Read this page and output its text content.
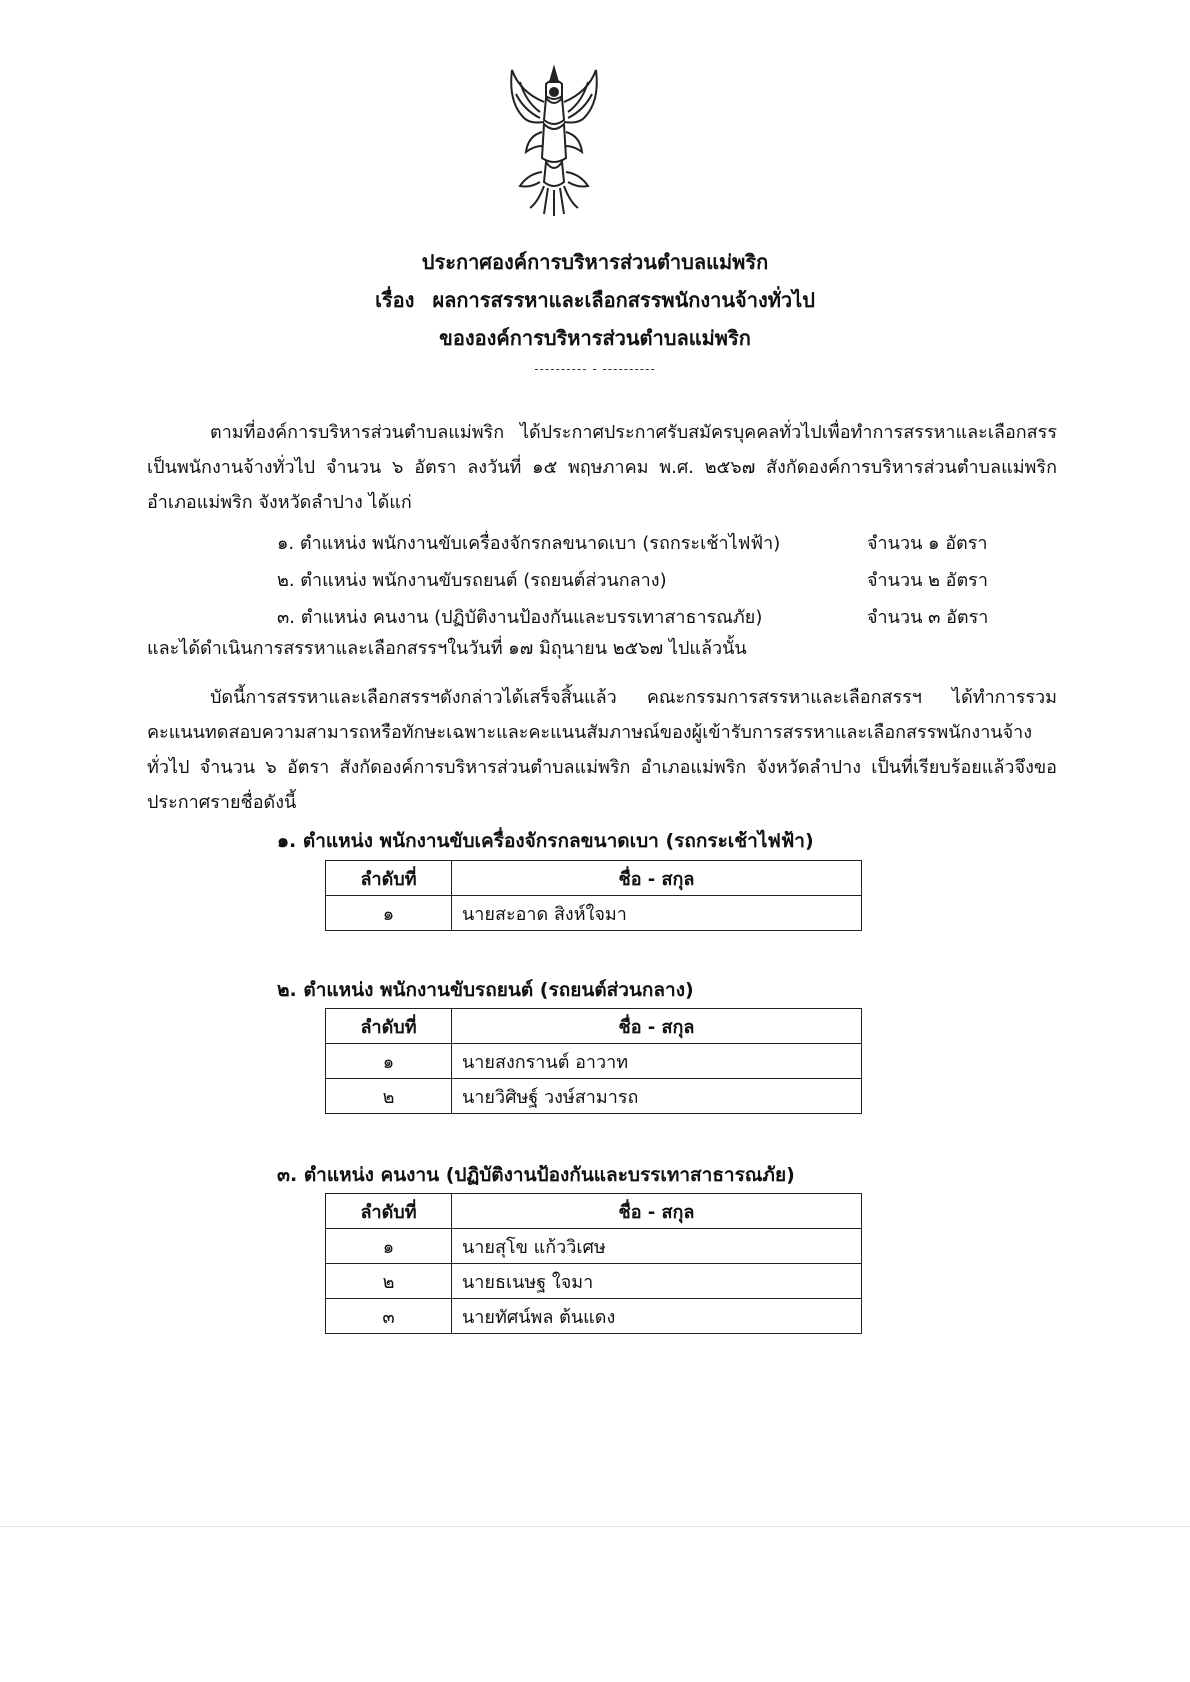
ประกาศองค์การบริหารส่วนตำบลแม่พริก
เรื่อง ผลการสรรหาและเลือกสรรพนักงานจ้างทั่วไป
ขององค์การบริหารส่วนตำบลแม่พริก
---------- - ----------
ตามที่องค์การบริหารส่วนตำบลแม่พริก ได้ประกาศประกาศรับสมัครบุคคลทั่วไปเพื่อทำการสรรหาและเลือกสรรเป็นพนักงานจ้างทั่วไป จำนวน ๖ อัตรา ลงวันที่ ๑๕ พฤษภาคม พ.ศ. ๒๕๖๗ สังกัดองค์การบริหารส่วนตำบลแม่พริก อำเภอแม่พริก จังหวัดลำปาง ได้แก่
๑. ตำแหน่ง พนักงานขับเครื่องจักรกลขนาดเบา (รถกระเช้าไฟฟ้า)	จำนวน ๑ อัตรา
๒. ตำแหน่ง พนักงานขับรถยนต์ (รถยนต์ส่วนกลาง)	จำนวน ๒ อัตรา
๓. ตำแหน่ง คนงาน (ปฏิบัติงานป้องกันและบรรเทาสาธารณภัย)	จำนวน ๓ อัตรา
และได้ดำเนินการสรรหาและเลือกสรรฯในวันที่ ๑๗ มิถุนายน ๒๕๖๗ ไปแล้วนั้น
บัดนี้การสรรหาและเลือกสรรฯดังกล่าวได้เสร็จสิ้นแล้ว คณะกรรมการสรรหาและเลือกสรรฯ ได้ทำการรวมคะแนนทดสอบความสามารถหรือทักษะเฉพาะและคะแนนสัมภาษณ์ของผู้เข้ารับการสรรหาและเลือกสรรพนักงานจ้างทั่วไป จำนวน ๖ อัตรา สังกัดองค์การบริหารส่วนตำบลแม่พริก อำเภอแม่พริก จังหวัดลำปาง เป็นที่เรียบร้อยแล้วจึงขอประกาศรายชื่อดังนี้
๑. ตำแหน่ง พนักงานขับเครื่องจักรกลขนาดเบา (รถกระเช้าไฟฟ้า)
ลำดับที่	ชื่อ - สกุล
๑	นายสะอาด สิงห์ใจมา
๒. ตำแหน่ง พนักงานขับรถยนต์ (รถยนต์ส่วนกลาง)
ลำดับที่	ชื่อ - สกุล
๑	นายสงกรานต์ อาวาท
๒	นายวิศิษฐ์ วงษ์สามารถ
๓. ตำแหน่ง คนงาน (ปฏิบัติงานป้องกันและบรรเทาสาธารณภัย)
ลำดับที่	ชื่อ - สกุล
๑	นายสุโข แก้ววิเศษ
๒	นายธเนษฐ ใจมา
๓	นายทัศน์พล ต้นแดง
